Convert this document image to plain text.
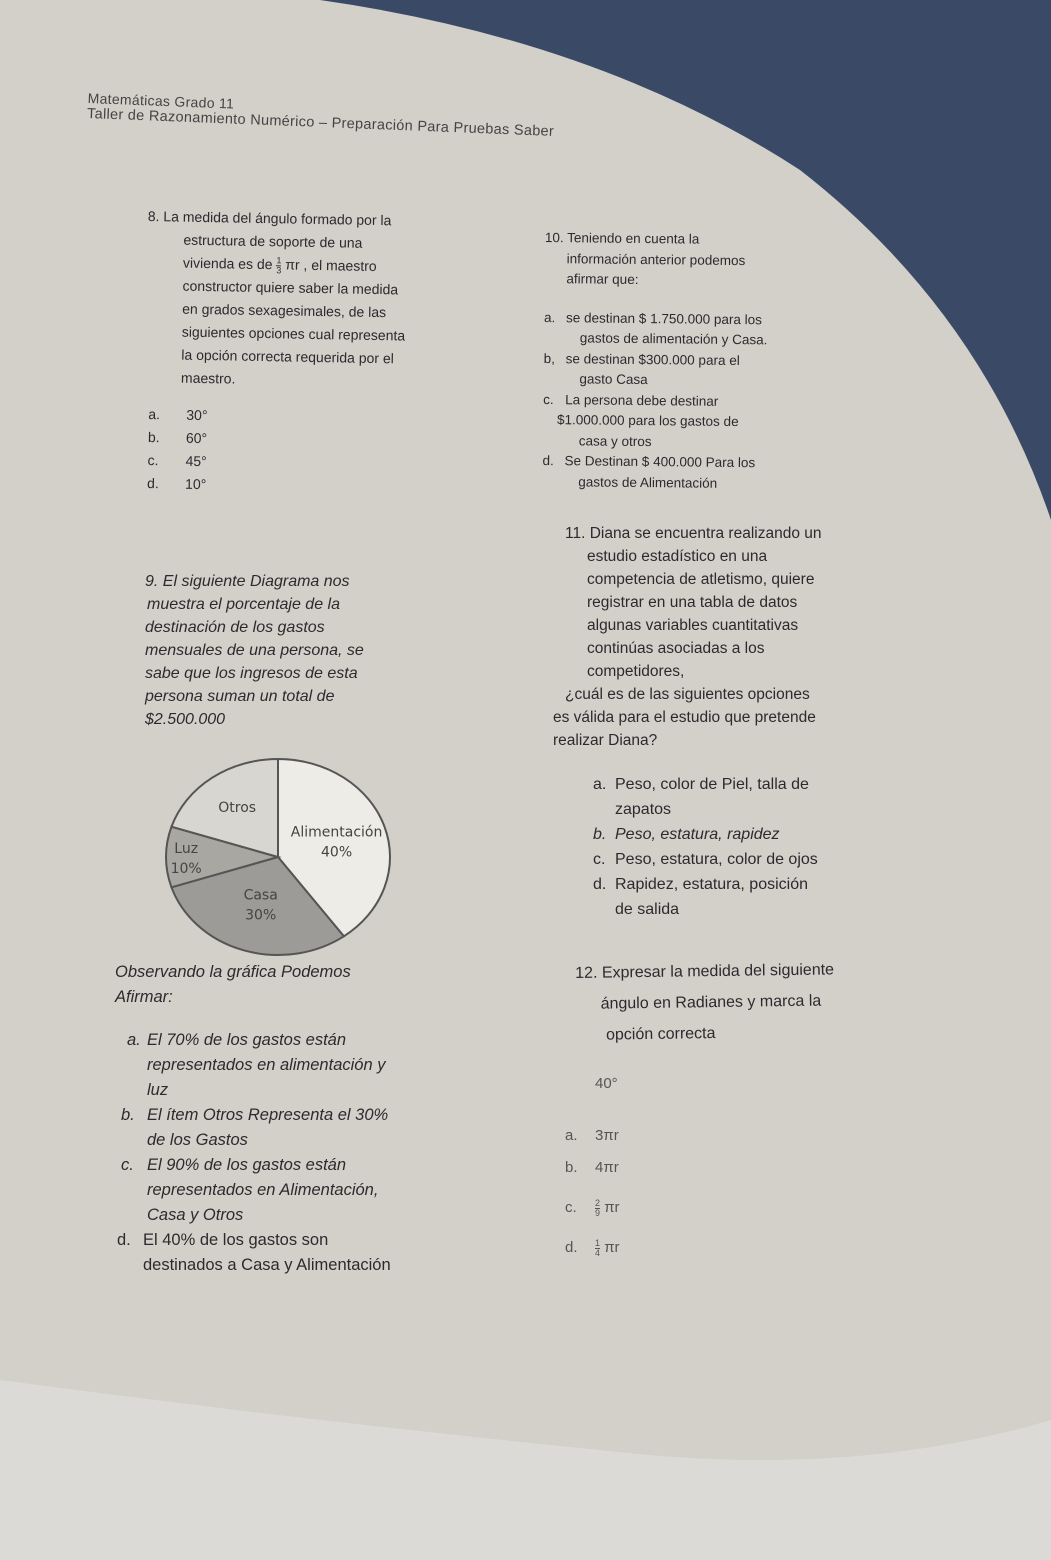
Matemáticas Grado 11
Taller de Razonamiento Numérico – Preparación Para Pruebas Saber
8. La medida del ángulo formado por la
estructura de soporte de una
vivienda es de $\frac{1}{3}$ πr , el maestro
constructor quiere saber la medida
en grados sexagesimales, de las
siguientes opciones cual representa
la opción correcta requerida por el
maestro.
a. 30°
b. 60°
c. 45°
d. 10°
9. El siguiente Diagrama nos
muestra el porcentaje de la
destinación de los gastos
mensuales de una persona, se
sabe que los ingresos de esta
persona suman un total de
$2.500.000
Alimentación
40%
Casa
30%
Luz
10%
Otros
Observando la gráfica Podemos
Afirmar:
a. El 70% de los gastos están
representados en alimentación y
luz
b. El ítem Otros Representa el 30%
de los Gastos
c. El 90% de los gastos están
representados en Alimentación,
Casa y Otros
d. El 40% de los gastos son
destinados a Casa y Alimentación
10. Teniendo en cuenta la
información anterior podemos
afirmar que:
a. se destinan $ 1.750.000 para los
gastos de alimentación y Casa.
b, se destinan $300.000 para el
gasto Casa
c. La persona debe destinar
$1.000.000 para los gastos de
casa y otros
d. Se Destinan $ 400.000 Para los
gastos de Alimentación
11. Diana se encuentra realizando un
estudio estadístico en una
competencia de atletismo, quiere
registrar en una tabla de datos
algunas variables cuantitativas
continúas asociadas a los
competidores,
¿cuál es de las siguientes opciones
es válida para el estudio que pretende
realizar Diana?
a. Peso, color de Piel, talla de
zapatos
b. Peso, estatura, rapidez
c. Peso, estatura, color de ojos
d. Rapidez, estatura, posición
de salida
12. Expresar la medida del siguiente
ángulo en Radianes y marca la
opción correcta
40°
a. 3πr
b. 4πr
c. $\frac{2}{9}$ πr
d. $\frac{1}{4}$ πr
